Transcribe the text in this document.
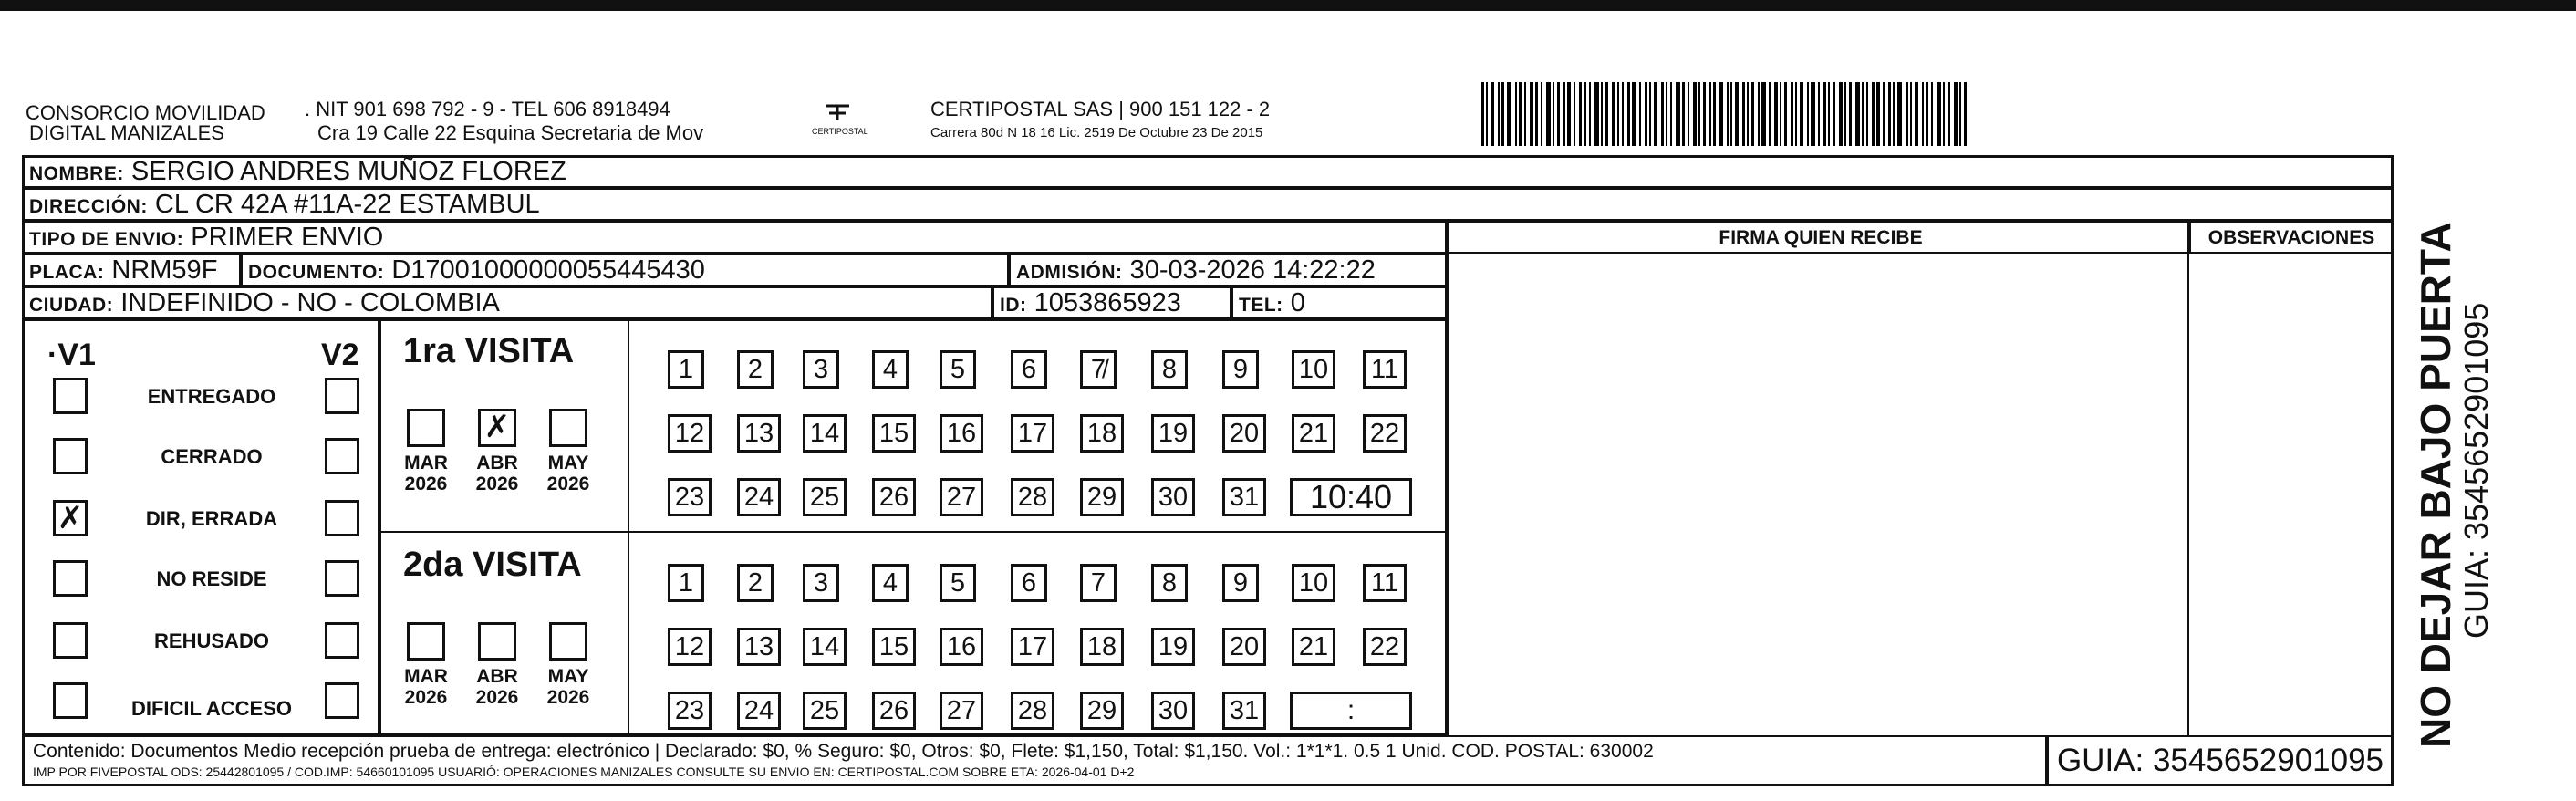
CONSORCIO MOVILIDAD
DIGITAL MANIZALES
. NIT 901 698 792 - 9 - TEL 606 8918494
Cra 19 Calle 22 Esquina Secretaria de Mov	CERTIPOSTAL
CERTIPOSTAL SAS | 900 151 122 - 2
Carrera 80d N 18 16 Lic. 2519 De Octubre 23 De 2015
NOMBRE: SERGIO ANDRES MUÑOZ FLOREZ
DIRECCIÓN: CL CR 42A #11A-22 ESTAMBUL
TIPO DE ENVIO: PRIMER ENVIO	FIRMA QUIEN RECIBE	OBSERVACIONES
PLACA: NRM59F	DOCUMENTO: D17001000000055445430	ADMISIÓN: 30-03-2026 14:22:22
CIUDAD: INDEFINIDO - NO - COLOMBIA	ID: 1053865923	TEL: 0
·V1	V2
ENTREGADO
CERRADO
✗	DIR, ERRADA
NO RESIDE
REHUSADO
DIFICIL ACCESO
1ra VISITA
MAR
2026
✗
ABR
2026
MAY
2026
1	2	3	4	5	6	7̸	8	9	10	11
12 13 14 15 16 17 18 19 20 21 22
23 24 25 26 27 28 29 30 31	10:40
2da VISITA
MAR
2026
ABR
2026
MAY
2026
1	2	3	4	5	6	7	8	9	10	11
12 13 14 15 16 17 18 19 20 21 22
23 24 25 26 27 28 29 30 31	:
Contenido: Documentos Medio recepción prueba de entrega: electrónico | Declarado: $0, % Seguro: $0, Otros: $0, Flete: $1,150, Total: $1,150. Vol.: 1*1*1. 0.5 1 Unid. COD. POSTAL: 630002
IMP POR FIVEPOSTAL ODS: 25442801095 / COD.IMP: 54660101095 USUARIÓ: OPERACIONES MANIZALES CONSULTE SU ENVIO EN: CERTIPOSTAL.COM SOBRE ETA: 2026-04-01 D+2	GUIA: 3545652901095
NO DEJAR BAJO PUERTA
GUIA: 3545652901095
